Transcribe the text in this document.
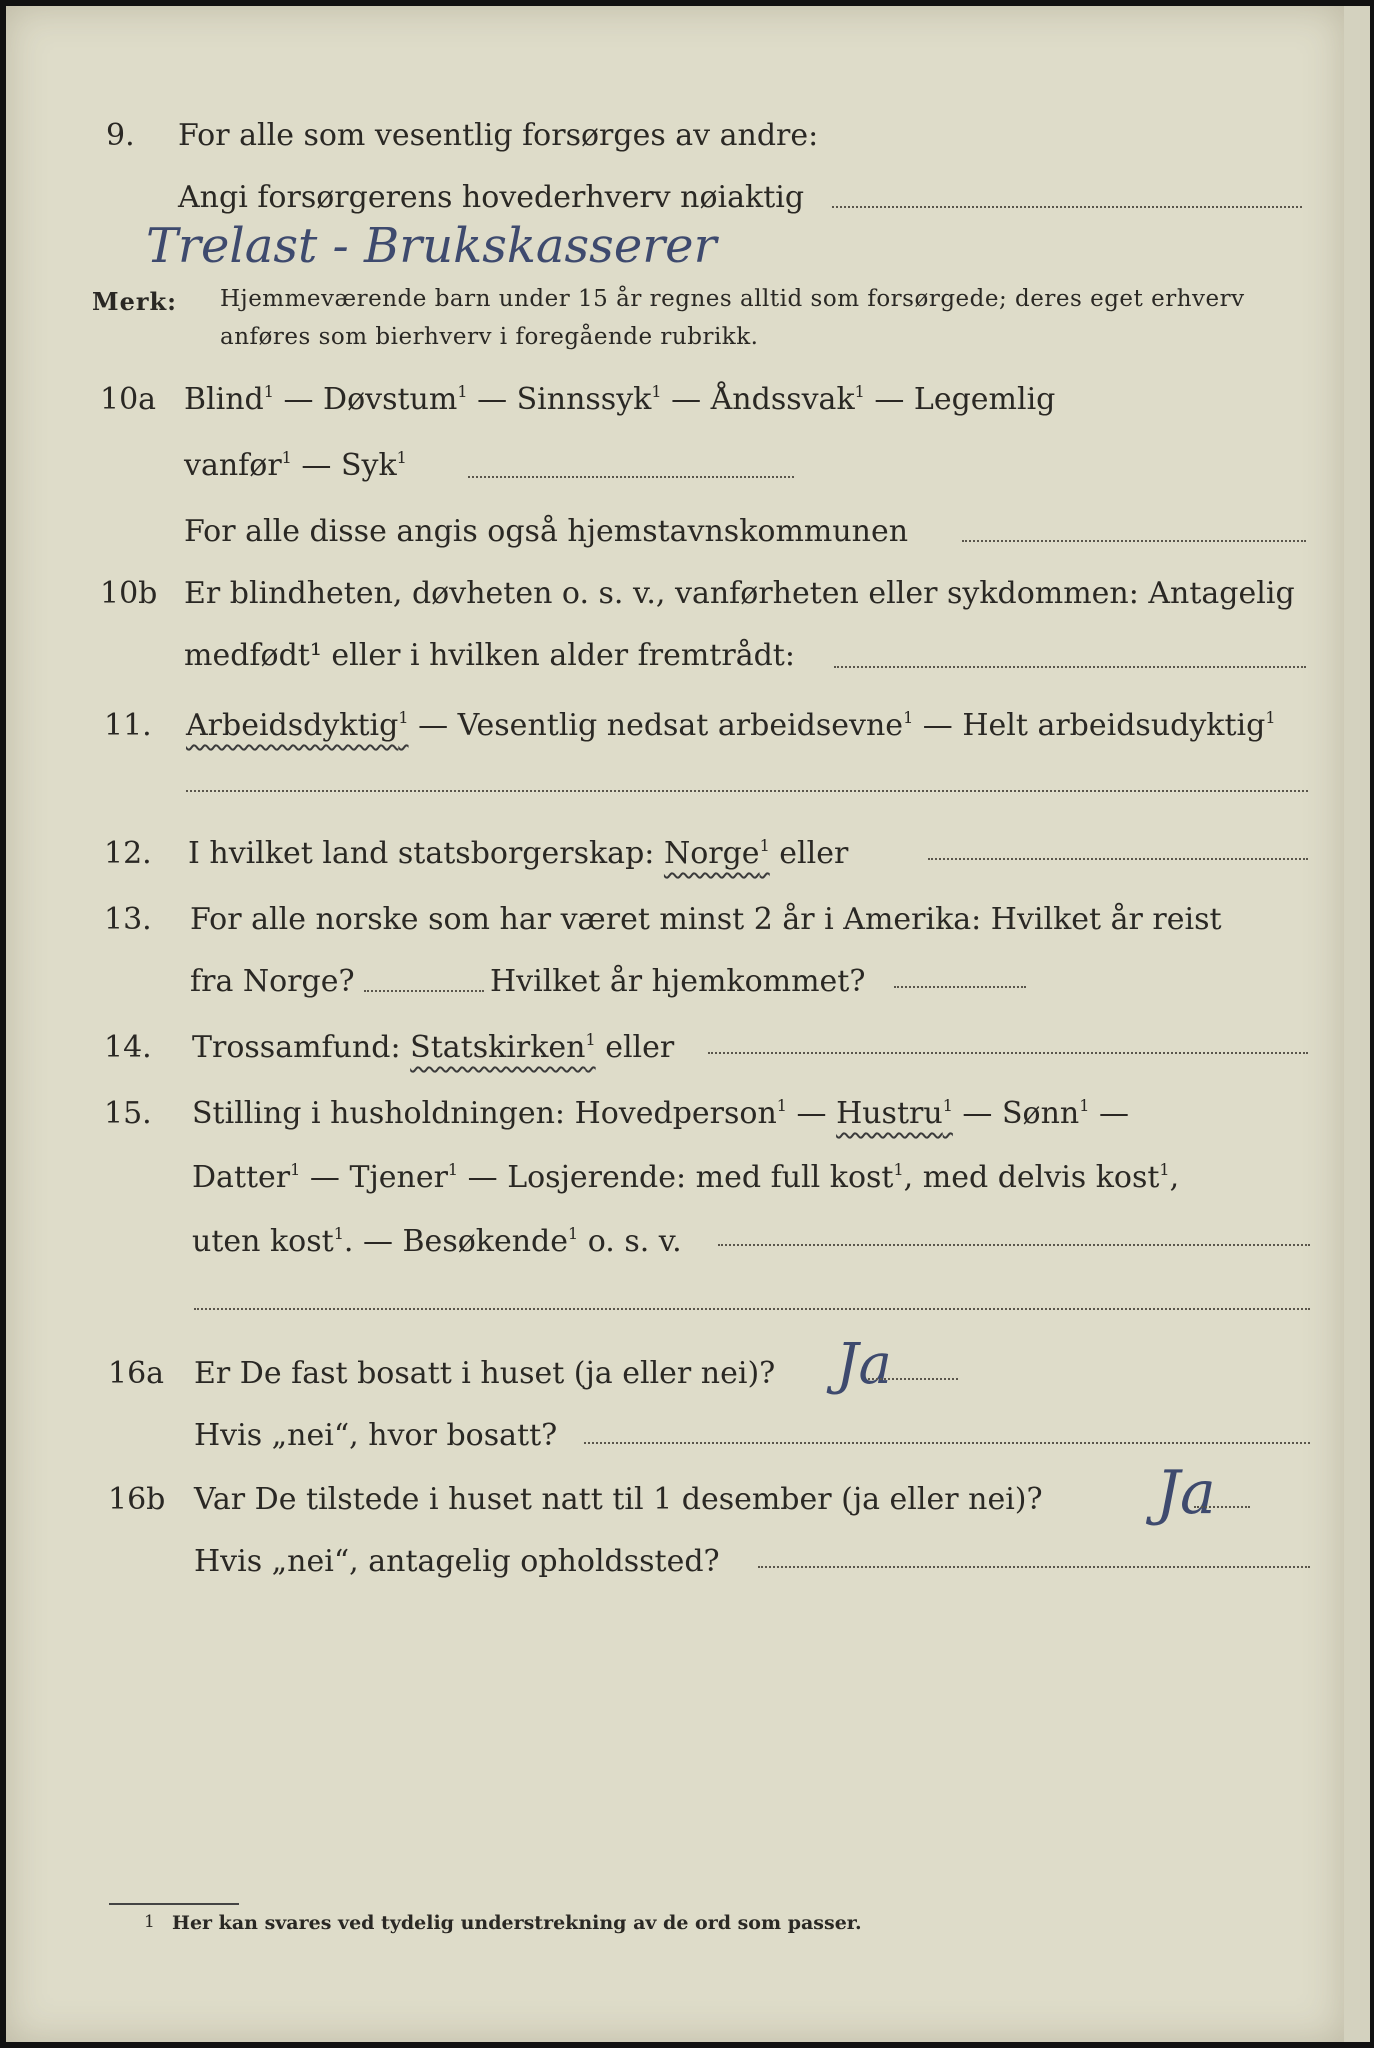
9. For alle som vesentlig forsørges av andre:
Angi forsørgerens hovederhverv nøiaktig
Trelast - Brukskasserer
Merk: Hjemmeværende barn under 15 år regnes alltid som forsørgede; deres eget erhverv
anføres som bierhverv i foregående rubrikk.
10a Blind$^1$ — Døvstum$^1$ — Sinnssyk$^1$ — Åndssvak$^1$ — Legemlig
vanfør$^1$ — Syk$^1$
For alle disse angis også hjemstavnskommunen
10b Er blindheten, døvheten o. s. v., vanførheten eller sykdommen: Antagelig
medfødt¹ eller i hvilken alder fremtrådt:
11. Arbeidsdyktig$^1$ — Vesentlig nedsat arbeidsevne$^1$ — Helt arbeidsudyktig$^1$
12. I hvilket land statsborgerskap: Norge$^1$ eller
13. For alle norske som har været minst 2 år i Amerika: Hvilket år reist
fra Norge?	Hvilket år hjemkommet?
14. Trossamfund: Statskirken$^1$ eller
15. Stilling i husholdningen: Hovedperson$^1$ — Hustru$^1$ — Sønn$^1$ —
Datter$^1$ — Tjener$^1$ — Losjerende: med full kost$^1$, med delvis kost$^1$,
uten kost$^1$. — Besøkende$^1$ o. s. v.
16a Er De fast bosatt i huset (ja eller nei)? Ja
Hvis „nei“, hvor bosatt?
16b Var De tilstede i huset natt til 1 desember (ja eller nei)? Ja
Hvis „nei“, antagelig opholdssted?
1 Her kan svares ved tydelig understrekning av de ord som passer.
